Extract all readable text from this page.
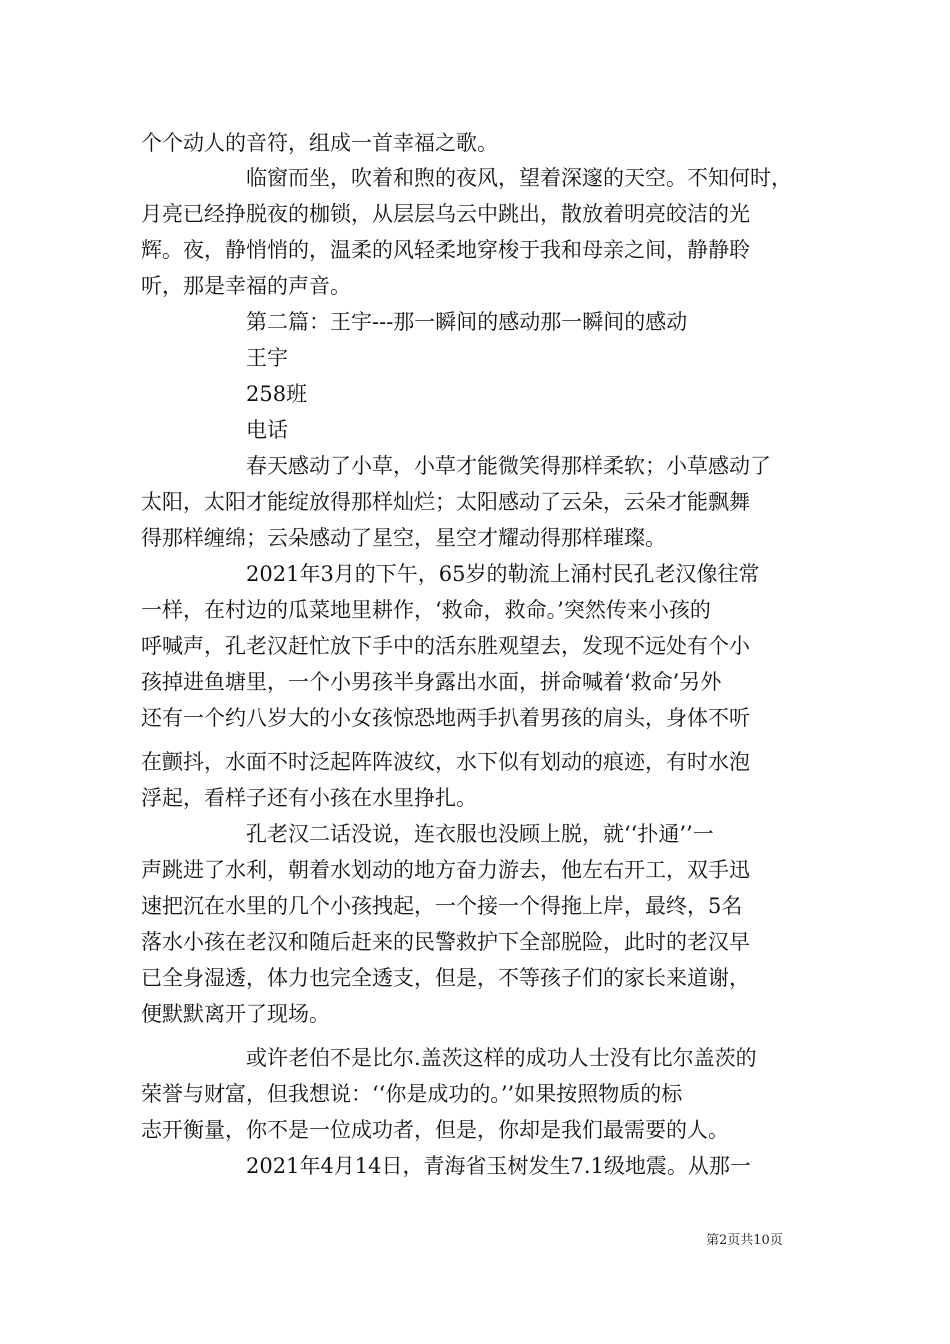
个个动人的音符，组成一首幸福之歌。
临窗而坐，吹着和煦的夜风，望着深邃的天空。不知何时，
月亮已经挣脱夜的枷锁，从层层乌云中跳出，散放着明亮皎洁的光
辉。夜，静悄悄的，温柔的风轻柔地穿梭于我和母亲之间，静静聆
听，那是幸福的声音。
第二篇：王宇---那一瞬间的感动那一瞬间的感动
王宇
258班
电话
春天感动了小草，小草才能微笑得那样柔软；小草感动了
太阳，太阳才能绽放得那样灿烂；太阳感动了云朵，云朵才能飘舞
得那样缠绵；云朵感动了星空，星空才耀动得那样璀璨。
2021年3月的下午，65岁的勒流上涌村民孔老汉像往常
一样，在村边的瓜菜地里耕作，‘救命，救命。’突然传来小孩的
呼喊声，孔老汉赶忙放下手中的活东胜观望去，发现不远处有个小
孩掉进鱼塘里，一个小男孩半身露出水面，拼命喊着‘救命’另外
还有一个约八岁大的小女孩惊恐地两手扒着男孩的肩头，身体不听
在颤抖，水面不时泛起阵阵波纹，水下似有划动的痕迹，有时水泡
浮起，看样子还有小孩在水里挣扎。
孔老汉二话没说，连衣服也没顾上脱，就‘‘扑通’’一
声跳进了水利，朝着水划动的地方奋力游去，他左右开工，双手迅
速把沉在水里的几个小孩拽起，一个接一个得拖上岸，最终，5名
落水小孩在老汉和随后赶来的民警救护下全部脱险，此时的老汉早
已全身湿透，体力也完全透支，但是，不等孩子们的家长来道谢，
便默默离开了现场。
或许老伯不是比尔.盖茨这样的成功人士没有比尔盖茨的
荣誉与财富，但我想说：‘‘你是成功的。’’如果按照物质的标
志开衡量，你不是一位成功者，但是，你却是我们最需要的人。
2021年4月14日，青海省玉树发生7.1级地震。从那一
第2页共10页
